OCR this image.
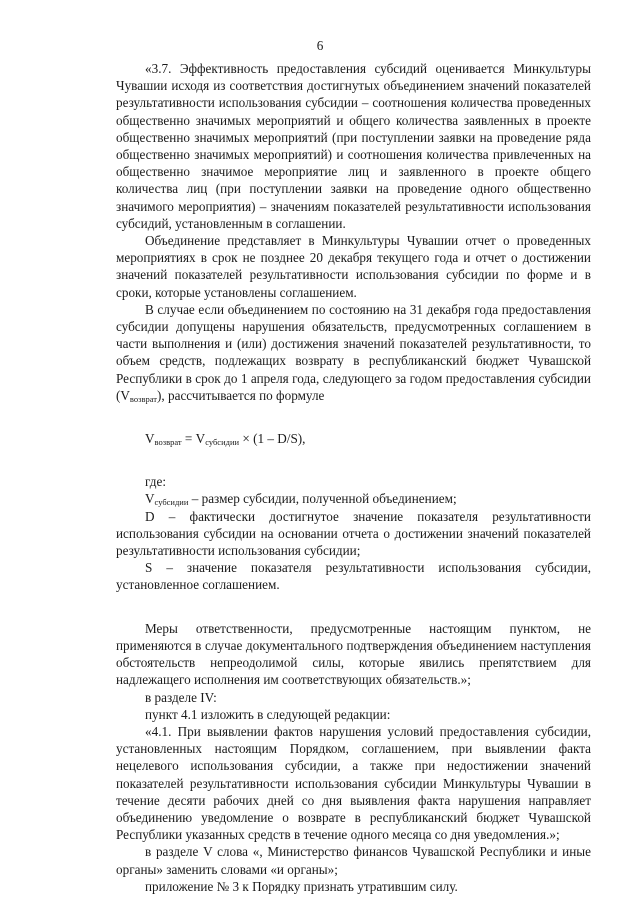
6

«3.7. Эффективность предоставления субсидий оценивается Минкультуры Чувашии исходя из соответствия достигнутых объединением значений показателей результативности использования субсидии – соотношения количества проведенных общественно значимых мероприятий и общего количества заявленных в проекте общественно значимых мероприятий (при поступлении заявки на проведение ряда общественно значимых мероприятий) и соотношения количества привлеченных на общественно значимое мероприятие лиц и заявленного в проекте общего количества лиц (при поступлении заявки на проведение одного общественно значимого мероприятия) – значениям показателей результативности использования субсидий, установленным в соглашении.

Объединение представляет в Минкультуры Чувашии отчет о проведенных мероприятиях в срок не позднее 20 декабря текущего года и отчет о достижении значений показателей результативности использования субсидии по форме и в сроки, которые установлены соглашением.

В случае если объединением по состоянию на 31 декабря года предоставления субсидии допущены нарушения обязательств, предусмотренных соглашением в части выполнения и (или) достижения значений показателей результативности, то объем средств, подлежащих возврату в республиканский бюджет Чувашской Республики в срок до 1 апреля года, следующего за годом предоставления субсидии $(V_{возврат})$, рассчитывается по формуле

$V_{возврат} = V_{субсидии} \times (1 - D/S)$,

где:

$V_{субсидии}$ – размер субсидии, полученной объединением;

D – фактически достигнутое значение показателя результативности использования субсидии на основании отчета о достижении значений показателей результативности использования субсидии;

S – значение показателя результативности использования субсидии, установленное соглашением.

Меры ответственности, предусмотренные настоящим пунктом, не применяются в случае документального подтверждения объединением наступления обстоятельств непреодолимой силы, которые явились препятствием для надлежащего исполнения им соответствующих обязательств.»;

в разделе IV:

пункт 4.1 изложить в следующей редакции:

«4.1. При выявлении фактов нарушения условий предоставления субсидии, установленных настоящим Порядком, соглашением, при выявлении факта нецелевого использования субсидии, а также при недостижении значений показателей результативности использования субсидии Минкультуры Чувашии в течение десяти рабочих дней со дня выявления факта нарушения направляет объединению уведомление о возврате в республиканский бюджет Чувашской Республики указанных средств в течение одного месяца со дня уведомления.»;

в разделе V слова «, Министерство финансов Чувашской Республики и иные органы» заменить словами «и органы»;

приложение № 3 к Порядку признать утратившим силу.
